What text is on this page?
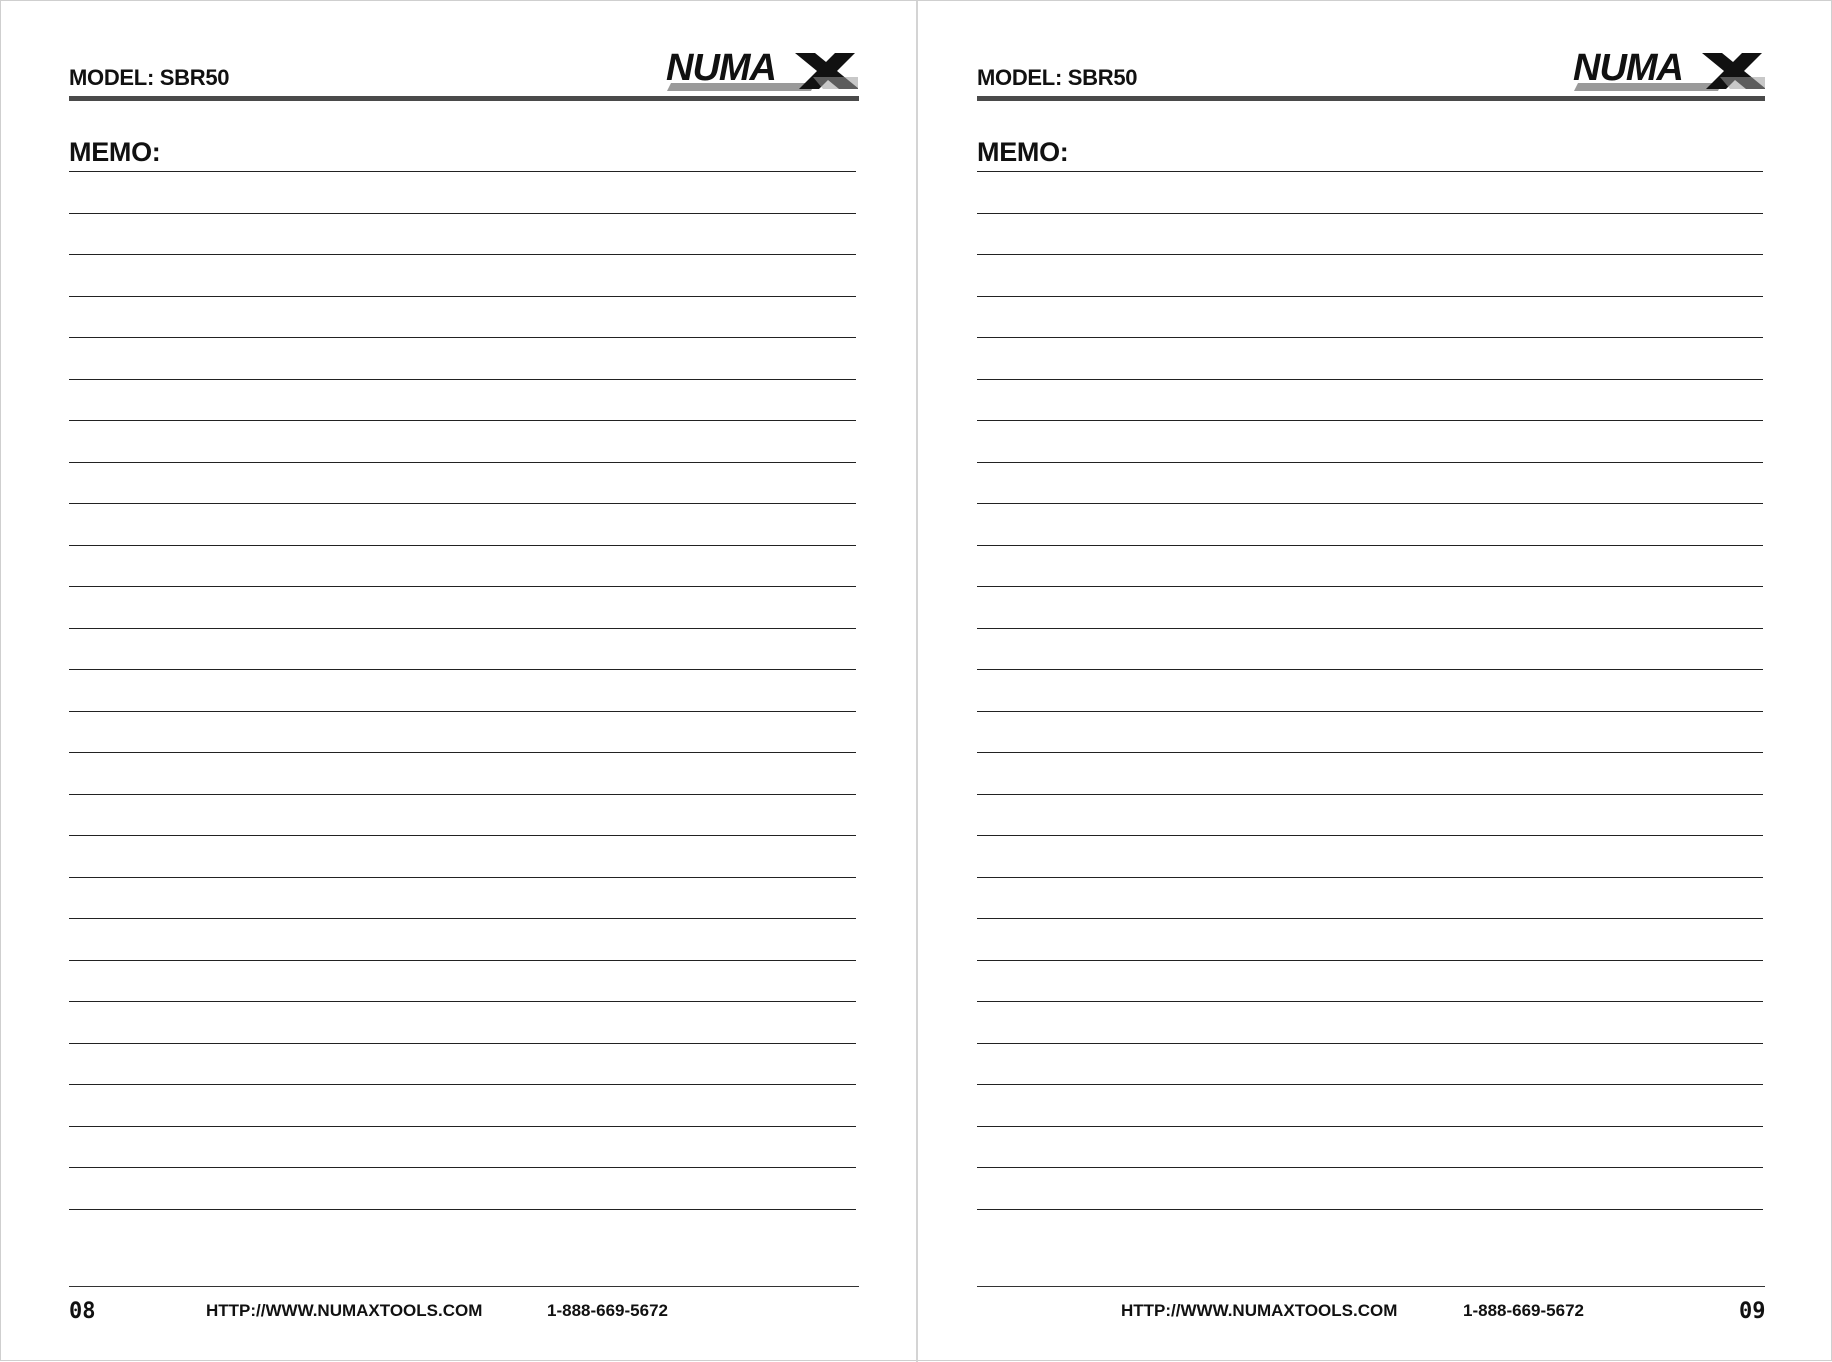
MODEL: SBR50	NUMA
MEMO:
08	HTTP://WWW.NUMAXTOOLS.COM	1-888-669-5672
MODEL: SBR50	NUMA
MEMO:
HTTP://WWW.NUMAXTOOLS.COM	1-888-669-5672	09
